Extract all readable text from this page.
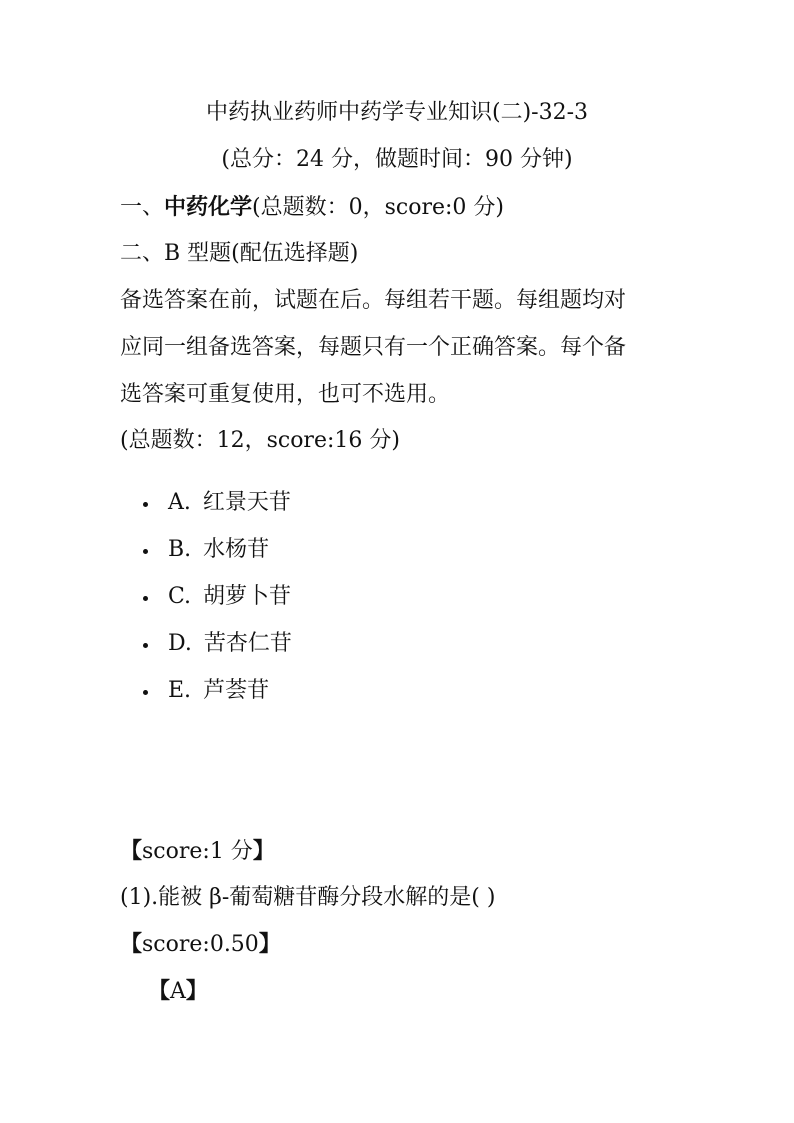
中药执业药师中药学专业知识(二)-32-3
(总分：24 分，做题时间：90 分钟)
一、中药化学(总题数：0，score:0 分)
二、B 型题(配伍选择题)
备选答案在前，试题在后。每组若干题。每组题均对
应同一组备选答案，每题只有一个正确答案。每个备
选答案可重复使用，也可不选用。
(总题数：12，score:16 分)
A. 红景天苷
B. 水杨苷
C. 胡萝卜苷
D. 苦杏仁苷
E. 芦荟苷
【score:1 分】
(1).能被 β-葡萄糖苷酶分段水解的是( )
【score:0.50】
【A】
